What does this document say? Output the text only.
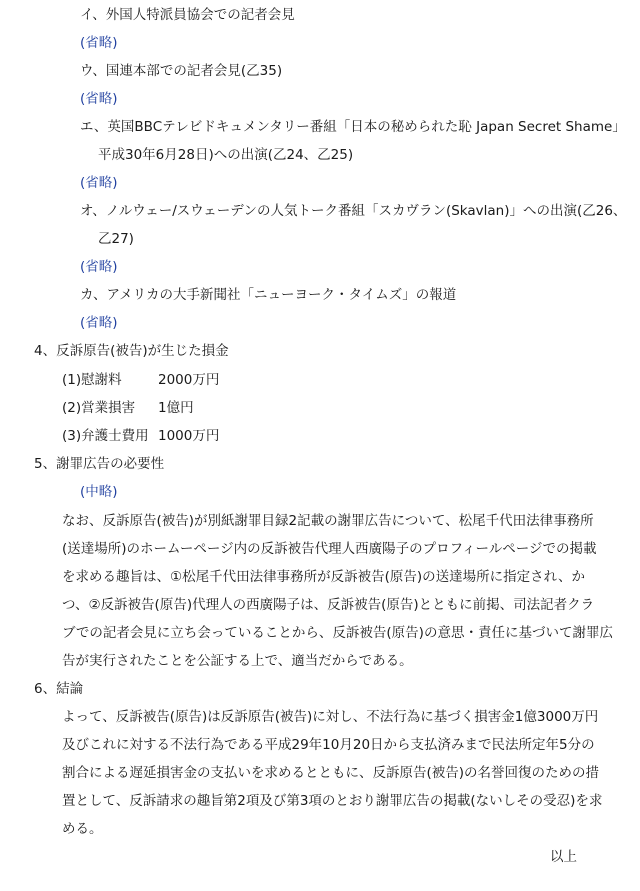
イ、外国人特派員協会での記者会見
(省略)
ウ、国連本部での記者会見(乙35)
(省略)
エ、英国BBCテレビドキュメンタリー番組「日本の秘められた恥 Japan Secret Shame」
平成30年6月28日)への出演(乙24、乙25)
(省略)
オ、ノルウェー/スウェーデンの人気トーク番組「スカヴラン(Skavlan)」への出演(乙26、
乙27)
(省略)
カ、アメリカの大手新聞社「ニューヨーク・タイムズ」の報道
(省略)
4、反訴原告(被告)が生じた損金
(1)慰謝料	2000万円
(2)営業損害 1億円
(3)弁護士費用 1000万円
5、謝罪広告の必要性
(中略)
なお、反訴原告(被告)が別紙謝罪目録2記載の謝罪広告について、松尾千代田法律事務所
(送達場所)のホームーページ内の反訴被告代理人西廣陽子のプロフィールページでの掲載
を求める趣旨は、①松尾千代田法律事務所が反訴被告(原告)の送達場所に指定され、か
つ、②反訴被告(原告)代理人の西廣陽子は、反訴被告(原告)とともに前掲、司法記者クラ
ブでの記者会見に立ち会っていることから、反訴被告(原告)の意思・責任に基づいて謝罪広
告が実行されたことを公証する上で、適当だからである。
6、結論
よって、反訴被告(原告)は反訴原告(被告)に対し、不法行為に基づく損害金1億3000万円
及びこれに対する不法行為である平成29年10月20日から支払済みまで民法所定年5分の
割合による遅延損害金の支払いを求めるとともに、反訴原告(被告)の名誉回復のための措
置として、反訴請求の趣旨第2項及び第3項のとおり謝罪広告の掲載(ないしその受忍)を求
める。
以上
